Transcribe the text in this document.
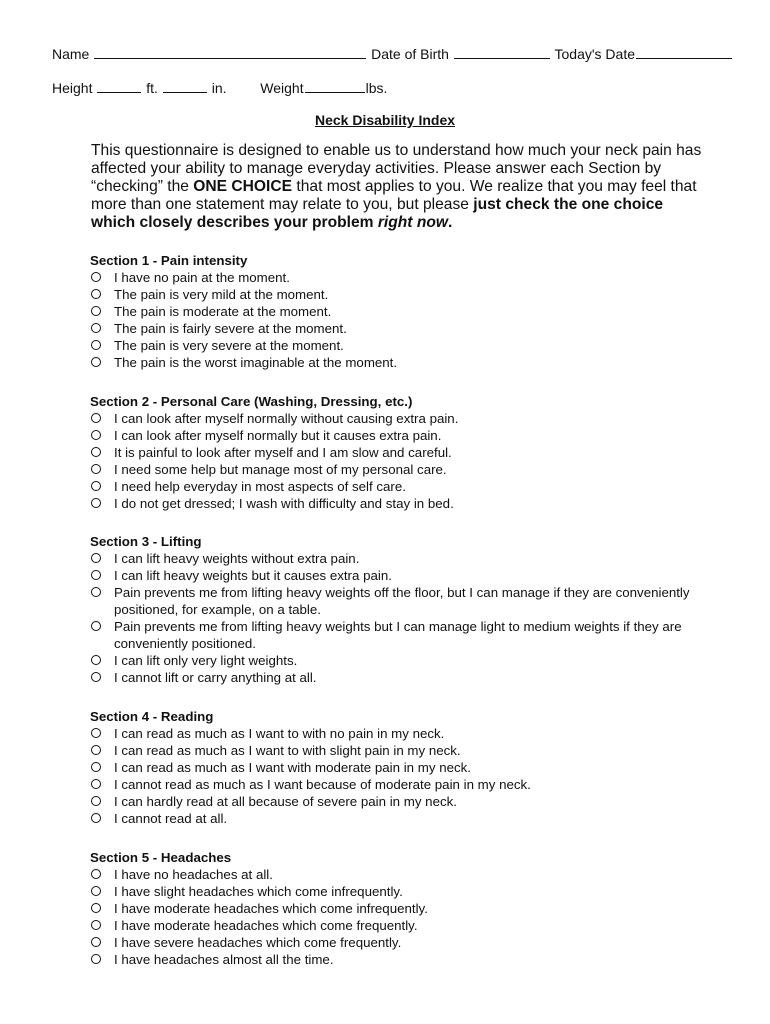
Name	Date of Birth	Today's Date
Height	ft.	in. Weight	lbs.
Neck Disability Index
This questionnaire is designed to enable us to understand how much your neck pain has affected your ability to manage everyday activities. Please answer each Section by “checking” the ONE CHOICE that most applies to you. We realize that you may feel that more than one statement may relate to you, but please just check the one choice which closely describes your problem right now.
Section 1 - Pain intensity
I have no pain at the moment.
The pain is very mild at the moment.
The pain is moderate at the moment.
The pain is fairly severe at the moment.
The pain is very severe at the moment.
The pain is the worst imaginable at the moment.
Section 2 - Personal Care (Washing, Dressing, etc.)
I can look after myself normally without causing extra pain.
I can look after myself normally but it causes extra pain.
It is painful to look after myself and I am slow and careful.
I need some help but manage most of my personal care.
I need help everyday in most aspects of self care.
I do not get dressed; I wash with difficulty and stay in bed.
Section 3 - Lifting
I can lift heavy weights without extra pain.
I can lift heavy weights but it causes extra pain.
Pain prevents me from lifting heavy weights off the floor, but I can manage if they are conveniently positioned, for example, on a table.
Pain prevents me from lifting heavy weights but I can manage light to medium weights if they are conveniently positioned.
I can lift only very light weights.
I cannot lift or carry anything at all.
Section 4 - Reading
I can read as much as I want to with no pain in my neck.
I can read as much as I want to with slight pain in my neck.
I can read as much as I want with moderate pain in my neck.
I cannot read as much as I want because of moderate pain in my neck.
I can hardly read at all because of severe pain in my neck.
I cannot read at all.
Section 5 - Headaches
I have no headaches at all.
I have slight headaches which come infrequently.
I have moderate headaches which come infrequently.
I have moderate headaches which come frequently.
I have severe headaches which come frequently.
I have headaches almost all the time.
